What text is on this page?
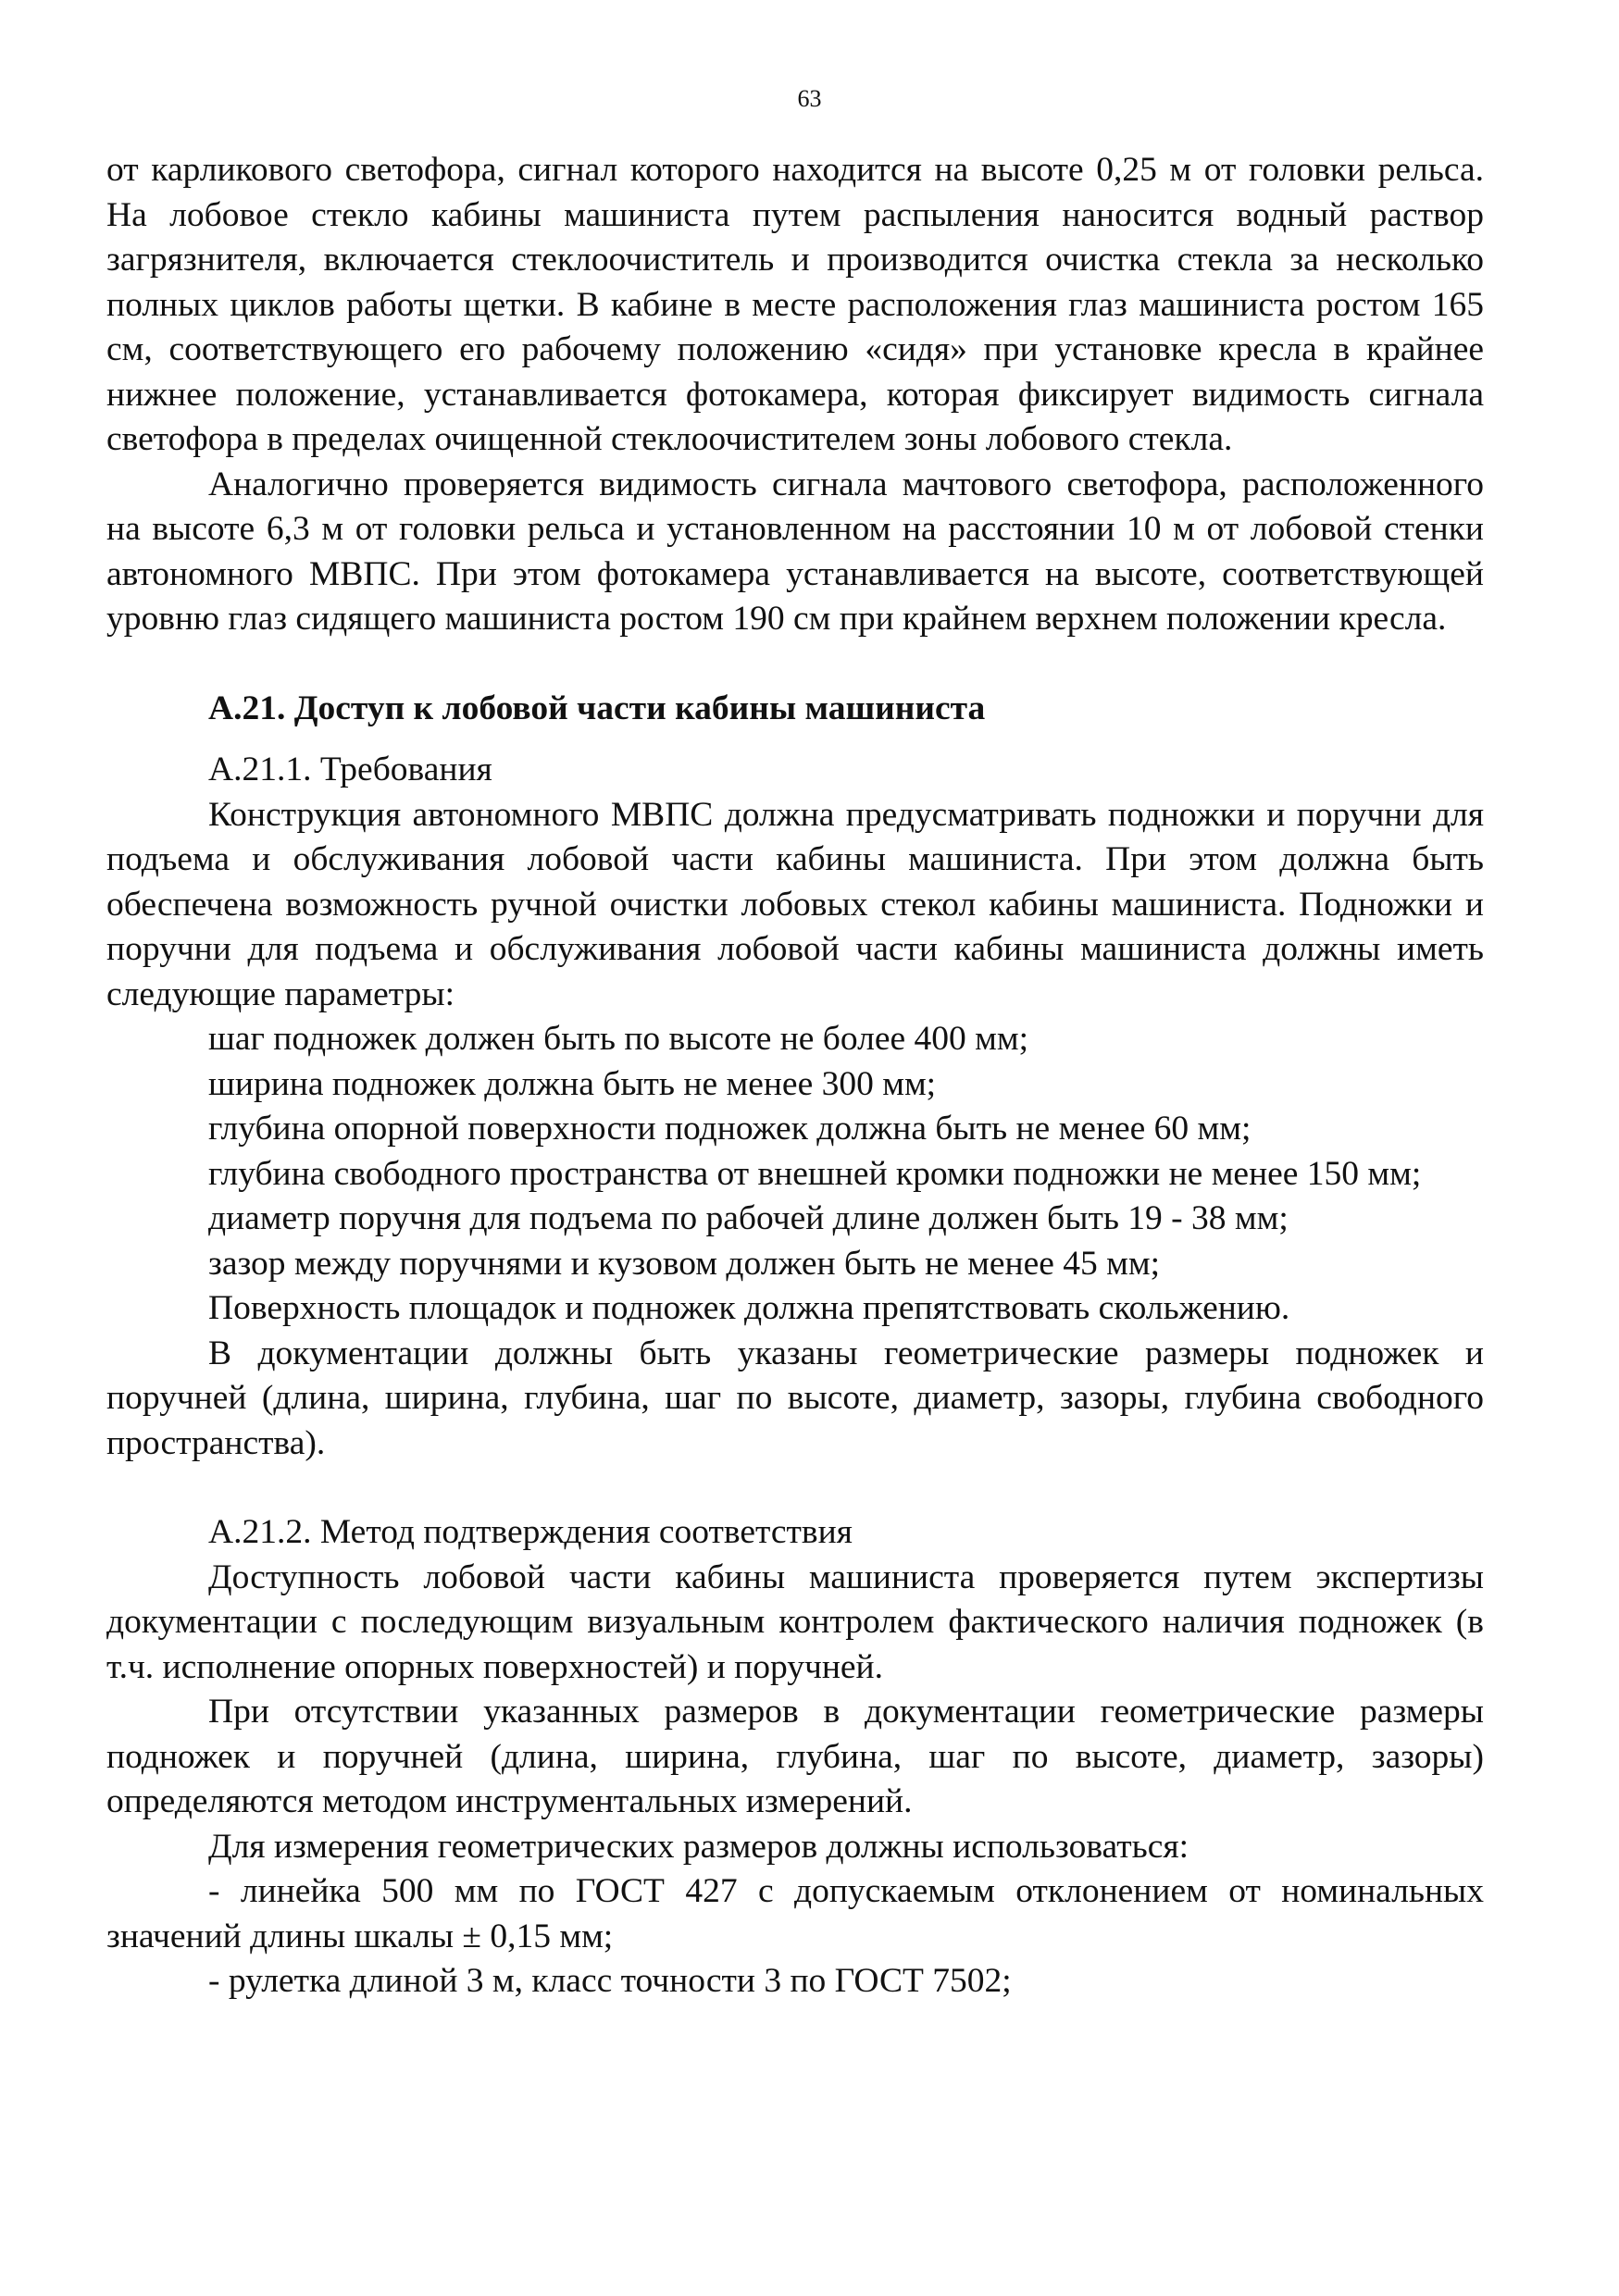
63

от карликового светофора, сигнал которого находится на высоте 0,25 м от головки рельса. На лобовое стекло кабины машиниста путем распыления наносится водный раствор загрязнителя, включается стеклоочиститель и производится очистка стекла за несколько полных циклов работы щетки. В кабине в месте расположения глаз машиниста ростом 165 см, соответствующего его рабочему положению «сидя» при установке кресла в крайнее нижнее положение, устанавливается фотокамера, которая фиксирует видимость сигнала светофора в пределах очищенной стеклоочистителем зоны лобового стекла.

Аналогично проверяется видимость сигнала мачтового светофора, расположенного на высоте 6,3 м от головки рельса и установленном на расстоянии 10 м от лобовой стенки автономного МВПС. При этом фотокамера устанавливается на высоте, соответствующей уровню глаз сидящего машиниста ростом 190 см при крайнем верхнем положении кресла.

А.21. Доступ к лобовой части кабины машиниста
А.21.1. Требования

Конструкция автономного МВПС должна предусматривать подножки и поручни для подъема и обслуживания лобовой части кабины машиниста. При этом должна быть обеспечена возможность ручной очистки лобовых стекол кабины машиниста. Подножки и поручни для подъема и обслуживания лобовой части кабины машиниста должны иметь следующие параметры:

шаг подножек должен быть по высоте не более 400 мм;
ширина подножек должна быть не менее 300 мм;
глубина опорной поверхности подножек должна быть не менее 60 мм;

глубина свободного пространства от внешней кромки подножки не менее 150 мм;

диаметр поручня для подъема по рабочей длине должен быть 19 - 38 мм;
зазор между поручнями и кузовом должен быть не менее 45 мм;
Поверхность площадок и подножек должна препятствовать скольжению.

В документации должны быть указаны геометрические размеры подножек и поручней (длина, ширина, глубина, шаг по высоте, диаметр, зазоры, глубина свободного пространства).

А.21.2. Метод подтверждения соответствия

Доступность лобовой части кабины машиниста проверяется путем экспертизы документации с последующим визуальным контролем фактического наличия подножек (в т.ч. исполнение опорных поверхностей) и поручней.

При отсутствии указанных размеров в документации геометрические размеры подножек и поручней (длина, ширина, глубина, шаг по высоте, диаметр, зазоры) определяются методом инструментальных измерений.

Для измерения геометрических размеров должны использоваться:

- линейка 500 мм по ГОСТ 427 с допускаемым отклонением от номинальных значений длины шкалы ± 0,15 мм;

- рулетка длиной 3 м, класс точности 3 по ГОСТ 7502;
